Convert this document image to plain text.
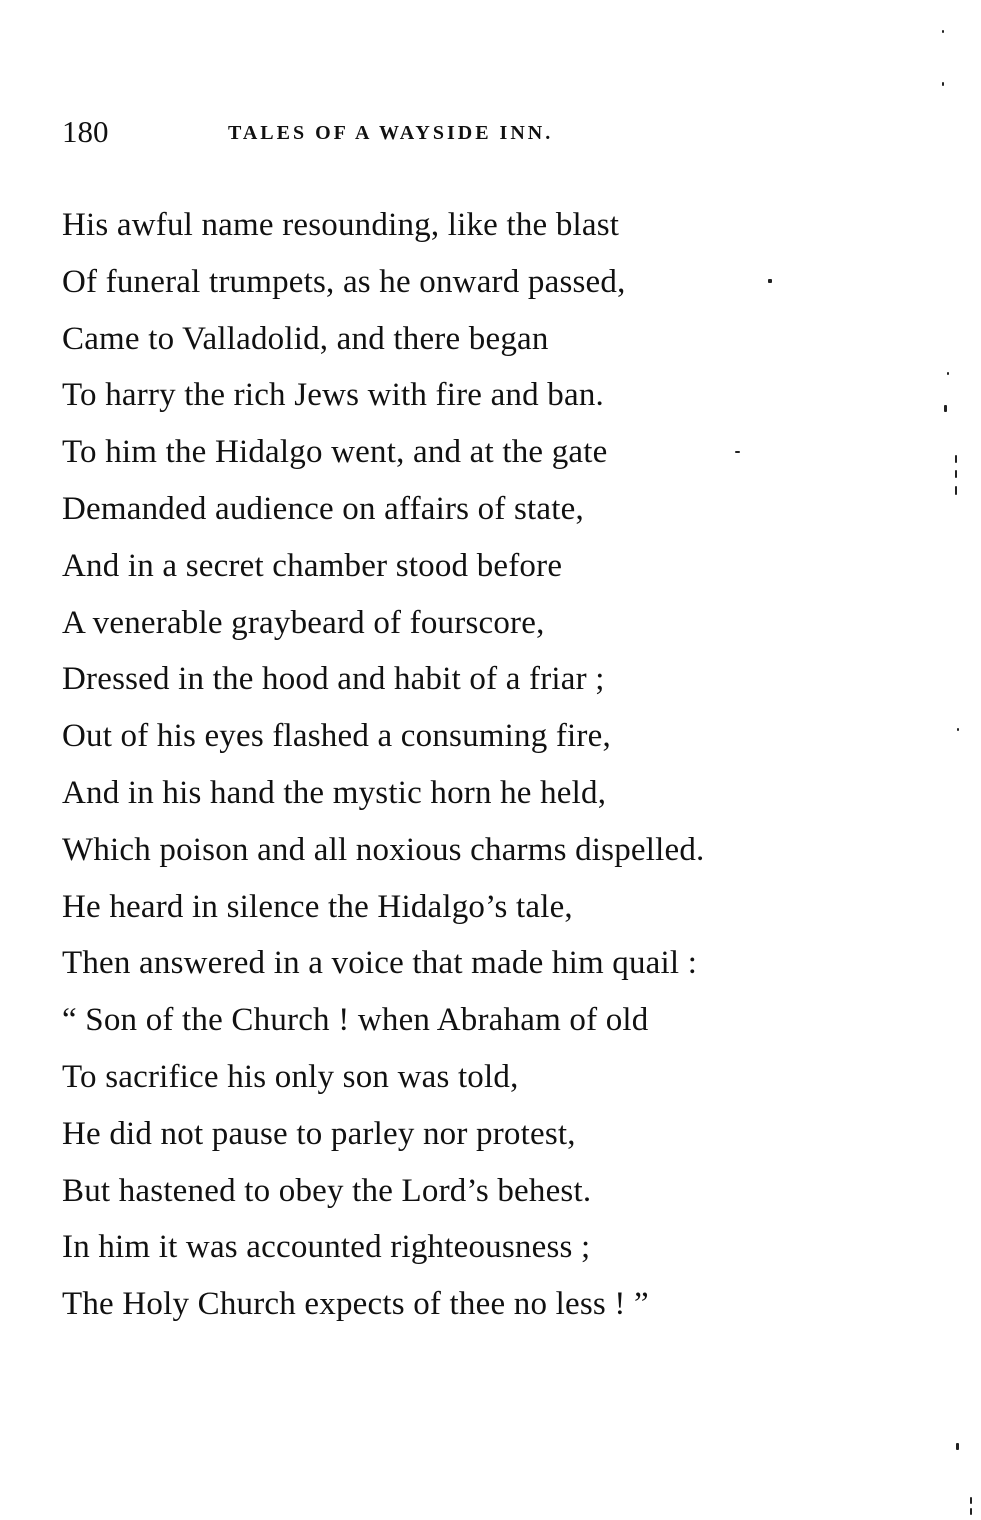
180	TALES OF A WAYSIDE INN.
His awful name resounding, like the blast
Of funeral trumpets, as he onward passed,
Came to Valladolid, and there began
To harry the rich Jews with fire and ban.
To him the Hidalgo went, and at the gate
Demanded audience on affairs of state,
And in a secret chamber stood before
A venerable graybeard of fourscore,
Dressed in the hood and habit of a friar ;
Out of his eyes flashed a consuming fire,
And in his hand the mystic horn he held,
Which poison and all noxious charms dispelled.
He heard in silence the Hidalgo’s tale,
Then answered in a voice that made him quail :
“ Son of the Church ! when Abraham of old
To sacrifice his only son was told,
He did not pause to parley nor protest,
But hastened to obey the Lord’s behest.
In him it was accounted righteousness ;
The Holy Church expects of thee no less ! ”
